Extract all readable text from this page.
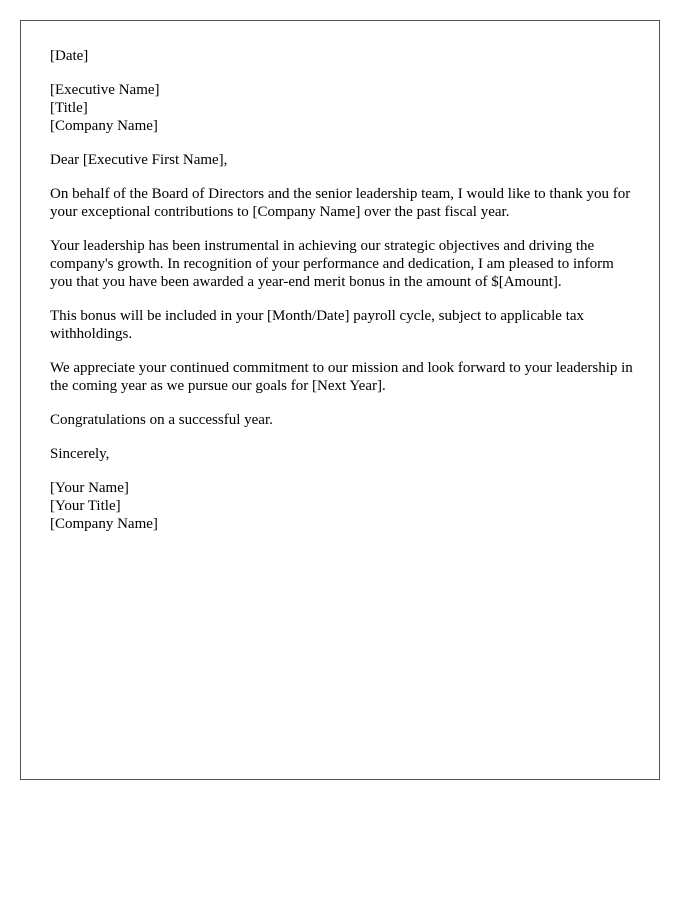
[Date]
[Executive Name]
[Title]
[Company Name]
Dear [Executive First Name],

On behalf of the Board of Directors and the senior leadership team, I would like to thank you for your exceptional contributions to [Company Name] over the past fiscal year.

Your leadership has been instrumental in achieving our strategic objectives and driving the company's growth. In recognition of your performance and dedication, I am pleased to inform you that you have been awarded a year-end merit bonus in the amount of $[Amount].

This bonus will be included in your [Month/Date] payroll cycle, subject to applicable tax withholdings.

We appreciate your continued commitment to our mission and look forward to your leadership in the coming year as we pursue our goals for [Next Year].

Congratulations on a successful year.

Sincerely,
[Your Name]
[Your Title]
[Company Name]
